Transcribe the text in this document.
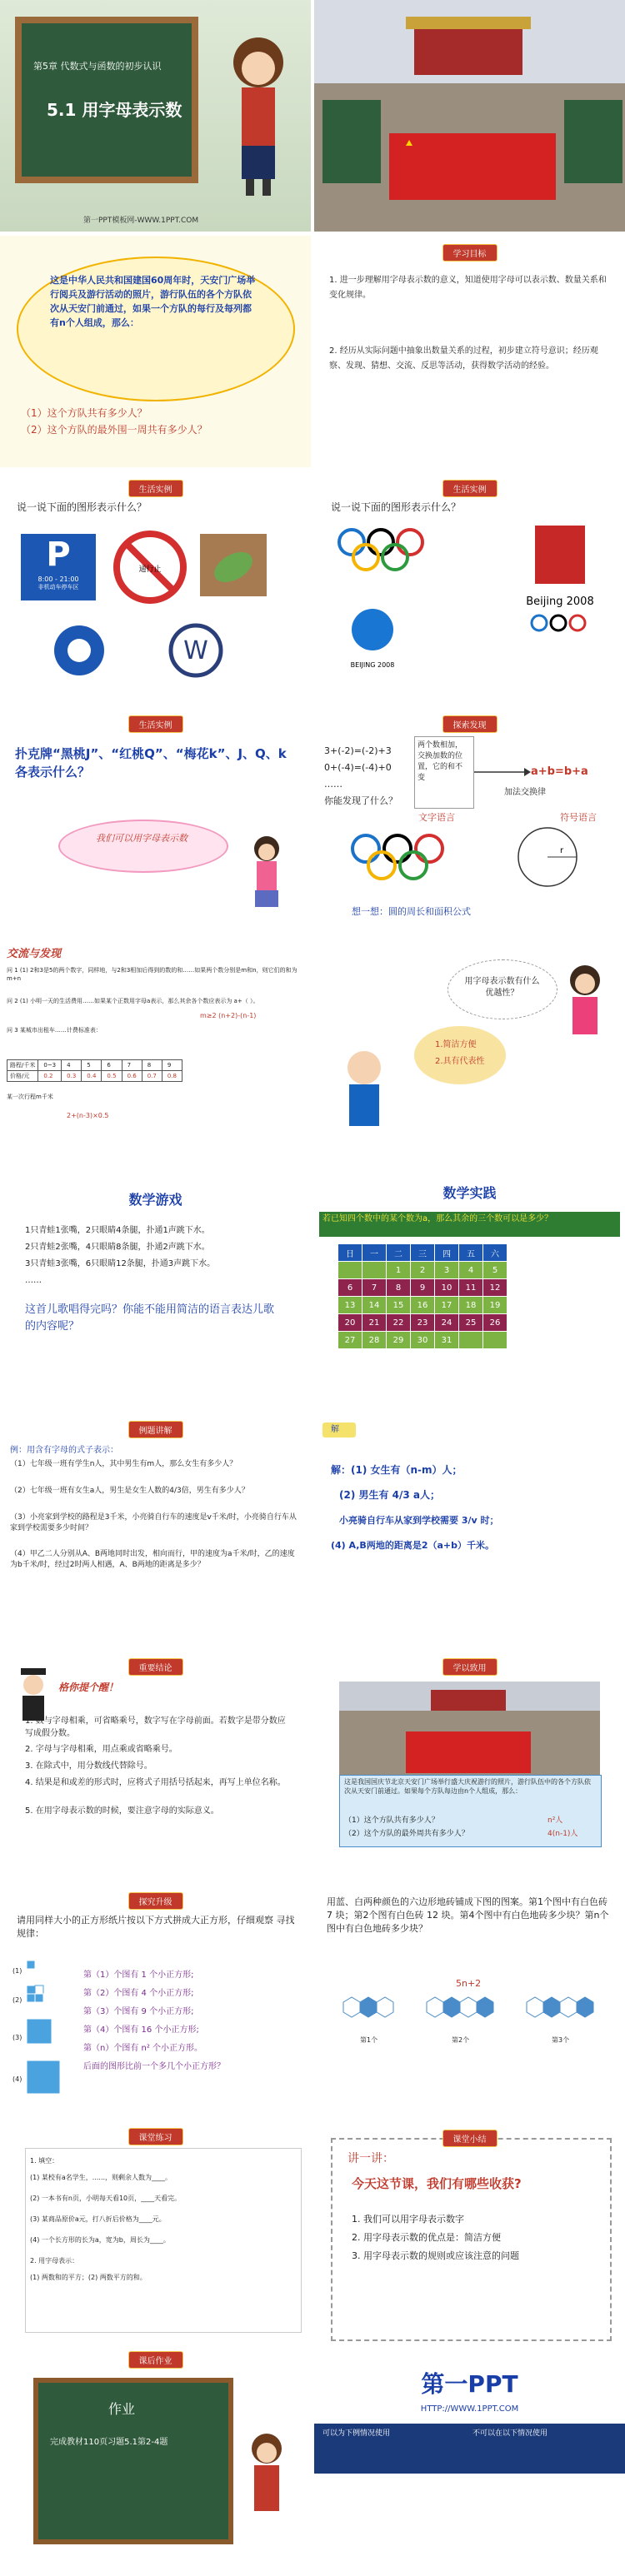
第5章 代数式与函数的初步认识
5.1 用字母表示数
第一PPT模板网-WWW.1PPT.COM
这是中华人民共和国建国60周年时，天安门广场举行阅兵及游行活动的照片，游行队伍的各个方队依次从天安门前通过，如果一个方队的每行及每列都有n个人组成，那么：
（1）这个方队共有多少人？
（2）这个方队的最外围一周共有多少人？
学习目标
1. 进一步理解用字母表示数的意义，知道使用字母可以表示数、数量关系和变化规律。
2. 经历从实际问题中抽象出数量关系的过程，初步建立符号意识；经历观察、发现、猜想、交流、反思等活动，获得数学活动的经验。
生活实例
说一说下面的图形表示什么？
P
8:00 - 21:00
非机动车停车区
通行止
W
生活实例
说一说下面的图形表示什么？
Beijing 2008
BEIJING 2008
生活实例
扑克牌“黑桃J”、“红桃Q”、“梅花k”、J、Q、k各表示什么？
我们可以用字母表示数
探索发现
3+(-2)=(-2)+3
0+(-4)=(-4)+0
……
你能发现了什么？
两个数相加，交换加数的位置，它的和不变	a+b=b+a
加法交换律
文字语言	符号语言
r
想一想：圆的周长和面积公式
交流与发现
问 1 (1) 2和3是5的两个数字，同样地，与2和3相加后得到的数的和……如果两个数分别是m和n，则它们的和为 m+n
问 2 (1) 小明一天的生活费用……如果某个正数用字母a表示，那么其余各个数应表示为 a+（ ）。
问 3 某城市出租车……计费标准表：
路程/千米	0~3	4	5	6	7	8	9
价格/元	0.2	0.3	0.4	0.5	0.6	0.7	0.8
某一次行程m千米
m≥2 (n+2)-(n-1)
2+(n-3)×0.5
用字母表示数有什么优越性？
1.简洁方便
2.具有代表性
数学游戏
1只青蛙1张嘴，2只眼睛4条腿，扑通1声跳下水。
2只青蛙2张嘴，4只眼睛8条腿，扑通2声跳下水。
3只青蛙3张嘴，6只眼睛12条腿，扑通3声跳下水。
……
这首儿歌唱得完吗？你能不能用简洁的语言表达儿歌的内容呢？
数学实践
若已知四个数中的某个数为a，那么其余的三个数可以是多少？
日	一	二	三	四	五	六
		1	2	3	4	5
6	7	8	9	10	11	12
13	14	15	16	17	18	19
20	21	22	23	24	25	26
27	28	29	30	31		
例题讲解
例：用含有字母的式子表示：
（1）七年级一班有学生n人，其中男生有m人，那么女生有多少人？
（2）七年级一班有女生a人，男生是女生人数的4/3倍，男生有多少人？
（3）小亮家到学校的路程是3千米，小亮骑自行车的速度是v千米/时，小亮骑自行车从家到学校需要多少时间？
（4）甲乙二人分别从A、B两地同时出发，相向而行，甲的速度为a千米/时，乙的速度为b千米/时，经过2时两人相遇，A、B两地的距离是多少？
解
解：(1) 女生有（n-m）人；
(2) 男生有 4/3 a人；
小亮骑自行车从家到学校需要 3/v 时；
(4) A,B两地的距离是2（a+b）千米。
重要结论
格你提个醒！
1. 数与字母相乘，可省略乘号，数字写在字母前面。若数字是带分数应写成假分数。
2. 字母与字母相乘，用点乘或省略乘号。
3. 在除式中，用分数线代替除号。
4. 结果是和或差的形式时，应将式子用括号括起来，再写上单位名称。
5. 在用字母表示数的时候，要注意字母的实际意义。
学以致用
这是我国国庆节北京天安门广场举行盛大庆祝游行的照片，游行队伍中的各个方队依次从天安门前通过。如果每个方队每边由n个人组成，那么：
（1）这个方队共有多少人？	n²人
（2）这个方队的最外周共有多少人？	4(n-1)人
探究升级
请用同样大小的正方形纸片按以下方式拼成大正方形，仔细观察 寻找规律：
(1)
(2)
(3)
(4)
第（1）个图有 1 个小正方形;
第（2）个图有 4 个小正方形;
第（3）个图有 9 个小正方形;
第（4）个图有 16 个小正方形;
第（n）个图有 n² 个小正方形。
后面的图形比前一个多几个小正方形？
用蓝、白两种颜色的六边形地砖铺成下图的图案。第1个图中有白色砖 7 块；第2个图有白色砖 12 块。第4个图中有白色地砖多少块？第n个图中有白色地砖多少块？
5n+2
第1个	第2个	第3个
课堂练习
1. 填空：
(1) 某校有a名学生，......，则剩余人数为____。
(2) 一本书有n页，小明每天看10页，____天看完。
(3) 某商品原价a元，打八折后价格为____元。
(4) 一个长方形的长为a，宽为b，周长为____。
2. 用字母表示：
(1) 两数和的平方；(2) 两数平方的和。
课堂小结
讲一讲：
今天这节课，我们有哪些收获?
1. 我们可以用字母表示数字
2. 用字母表示数的优点是：简洁方便
3. 用字母表示数的规则或应该注意的问题
课后作业
作业
完成教材110页习题5.1第2-4题
第一PPT
HTTP://WWW.1PPT.COM
可以为下例情况使用	不可以在以下情况使用
